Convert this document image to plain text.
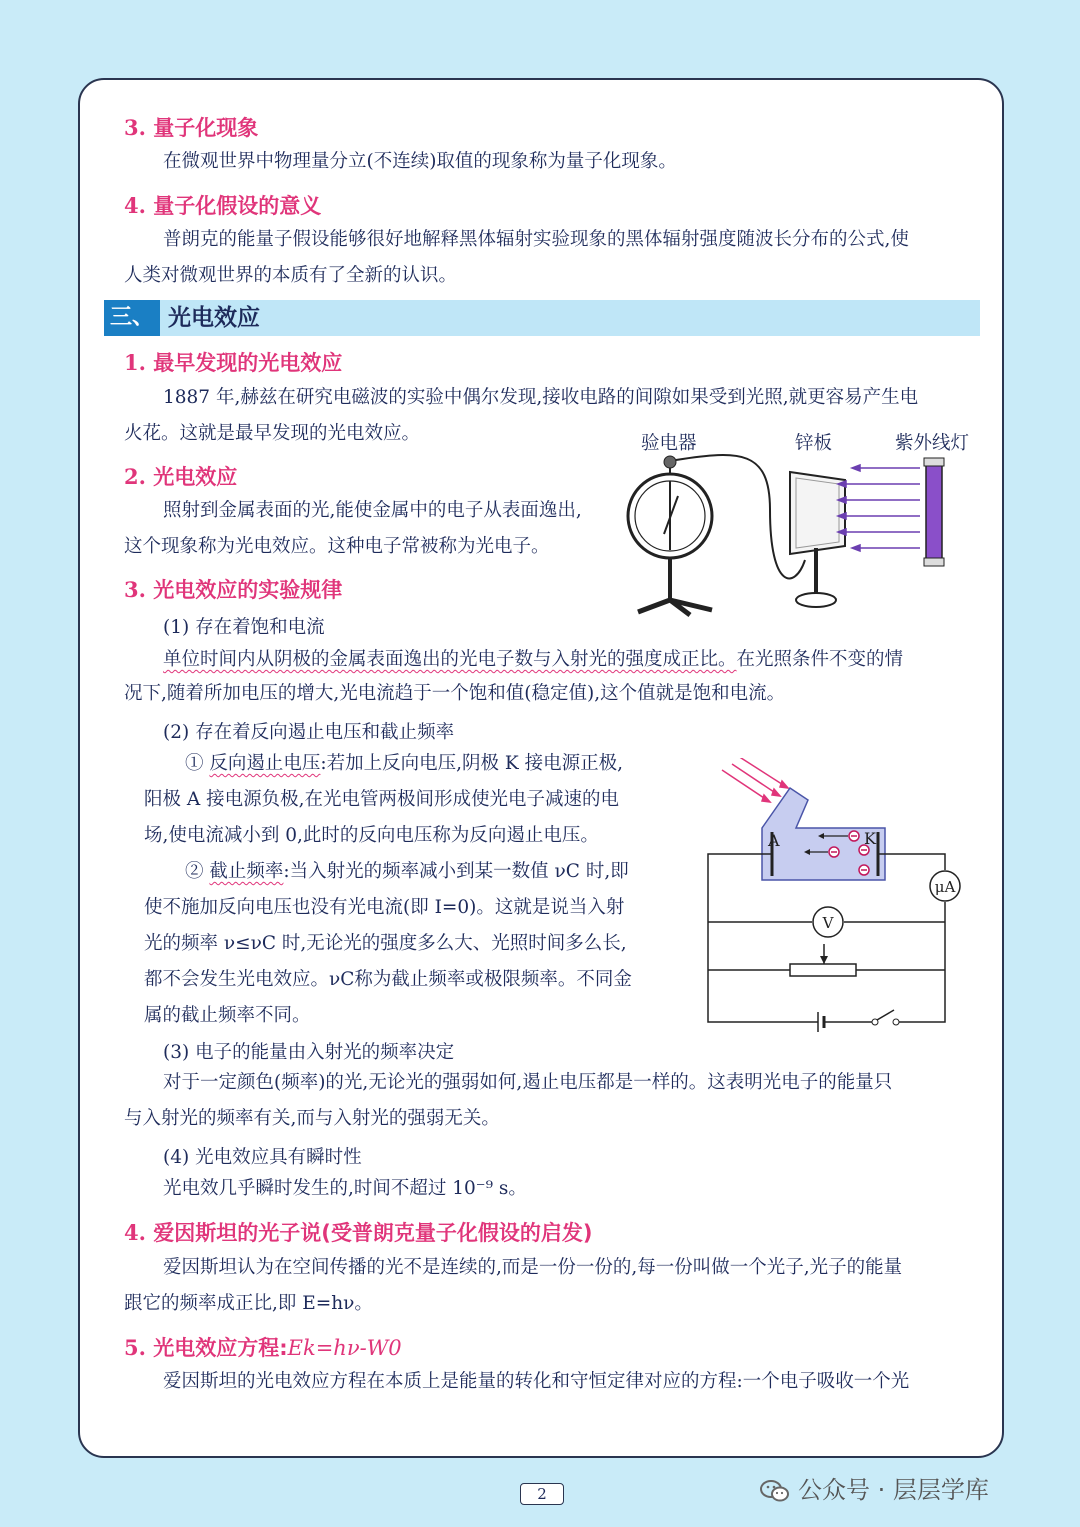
3. 量子化现象
在微观世界中物理量分立(不连续)取值的现象称为量子化现象。
4. 量子化假设的意义
普朗克的能量子假设能够很好地解释黑体辐射实验现象的黑体辐射强度随波长分布的公式,使
人类对微观世界的本质有了全新的认识。
三、 光电效应
1. 最早发现的光电效应
1887 年,赫兹在研究电磁波的实验中偶尔发现,接收电路的间隙如果受到光照,就更容易产生电
火花。这就是最早发现的光电效应。
2. 光电效应
照射到金属表面的光,能使金属中的电子从表面逸出,
这个现象称为光电效应。这种电子常被称为光电子。
验电器	锌板	紫外线灯
3. 光电效应的实验规律
(1) 存在着饱和电流
单位时间内从阴极的金属表面逸出的光电子数与入射光的强度成正比。在光照条件不变的情
况下,随着所加电压的增大,光电流趋于一个饱和值(稳定值),这个值就是饱和电流。
(2) 存在着反向遏止电压和截止频率
① 反向遏止电压:若加上反向电压,阴极 K 接电源正极,
阳极 A 接电源负极,在光电管两极间形成使光电子减速的电
场,使电流减小到 0,此时的反向电压称为反向遏止电压。
② 截止频率:当入射光的频率减小到某一数值 νC 时,即
使不施加反向电压也没有光电流(即 I=0)。这就是说当入射
光的频率 ν≤νC 时,无论光的强度多么大、光照时间多么长,
都不会发生光电效应。νC称为截止频率或极限频率。不同金
属的截止频率不同。
A	K
μA
V
(3) 电子的能量由入射光的频率决定
对于一定颜色(频率)的光,无论光的强弱如何,遏止电压都是一样的。这表明光电子的能量只
与入射光的频率有关,而与入射光的强弱无关。
(4) 光电效应具有瞬时性
光电效几乎瞬时发生的,时间不超过 10⁻⁹ s。
4. 爱因斯坦的光子说(受普朗克量子化假设的启发)
爱因斯坦认为在空间传播的光不是连续的,而是一份一份的,每一份叫做一个光子,光子的能量
跟它的频率成正比,即 E=hν。
5. 光电效应方程:Ek=hν-W0
爱因斯坦的光电效应方程在本质上是能量的转化和守恒定律对应的方程:一个电子吸收一个光
2	公众号 · 层层学库
